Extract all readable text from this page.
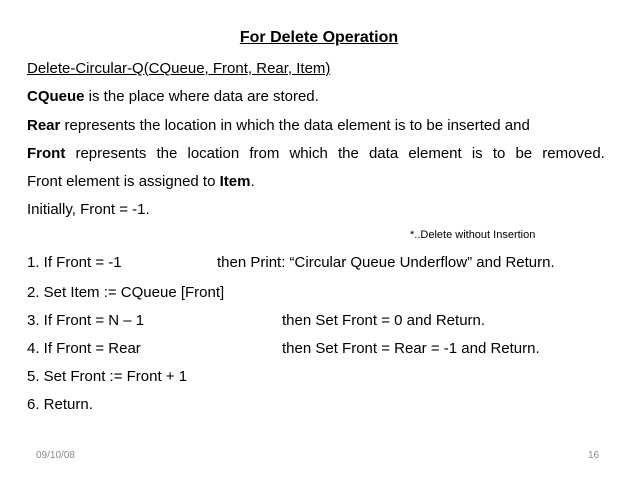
For Delete Operation
Delete-Circular-Q(CQueue, Front, Rear, Item)
CQueue is the place where data are stored.
Rear represents the location in which the data element is to be inserted and
Front represents the location from which the data element is to be removed.
Front element is assigned to Item.
Initially, Front = -1.
*..Delete without Insertion
1. If Front = -1	then Print: “Circular Queue Underflow” and Return.
2. Set Item := CQueue [Front]
3. If Front = N – 1	then Set Front = 0 and Return.
4. If Front = Rear	then Set Front = Rear = -1 and Return.
5. Set Front := Front + 1
6. Return.
09/10/08	16
